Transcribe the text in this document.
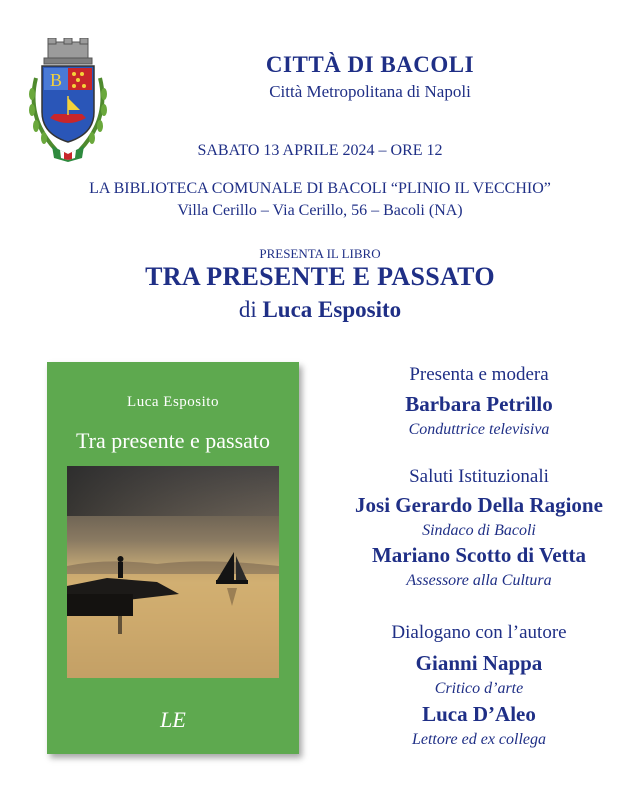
B
CITTÀ DI BACOLI
Città Metropolitana di Napoli
SABATO 13 APRILE 2024 – ORE 12
LA BIBLIOTECA COMUNALE DI BACOLI “PLINIO IL VECCHIO”
Villa Cerillo – Via Cerillo, 56 – Bacoli (NA)
PRESENTA IL LIBRO
TRA PRESENTE E PASSATO
di Luca Esposito
Luca Esposito
Tra presente e passato
LE
Presenta e modera
Barbara Petrillo
Conduttrice televisiva
Saluti Istituzionali
Josi Gerardo Della Ragione
Sindaco di Bacoli
Mariano Scotto di Vetta
Assessore alla Cultura
Dialogano con l’autore
Gianni Nappa
Critico d’arte
Luca D’Aleo
Lettore ed ex collega
